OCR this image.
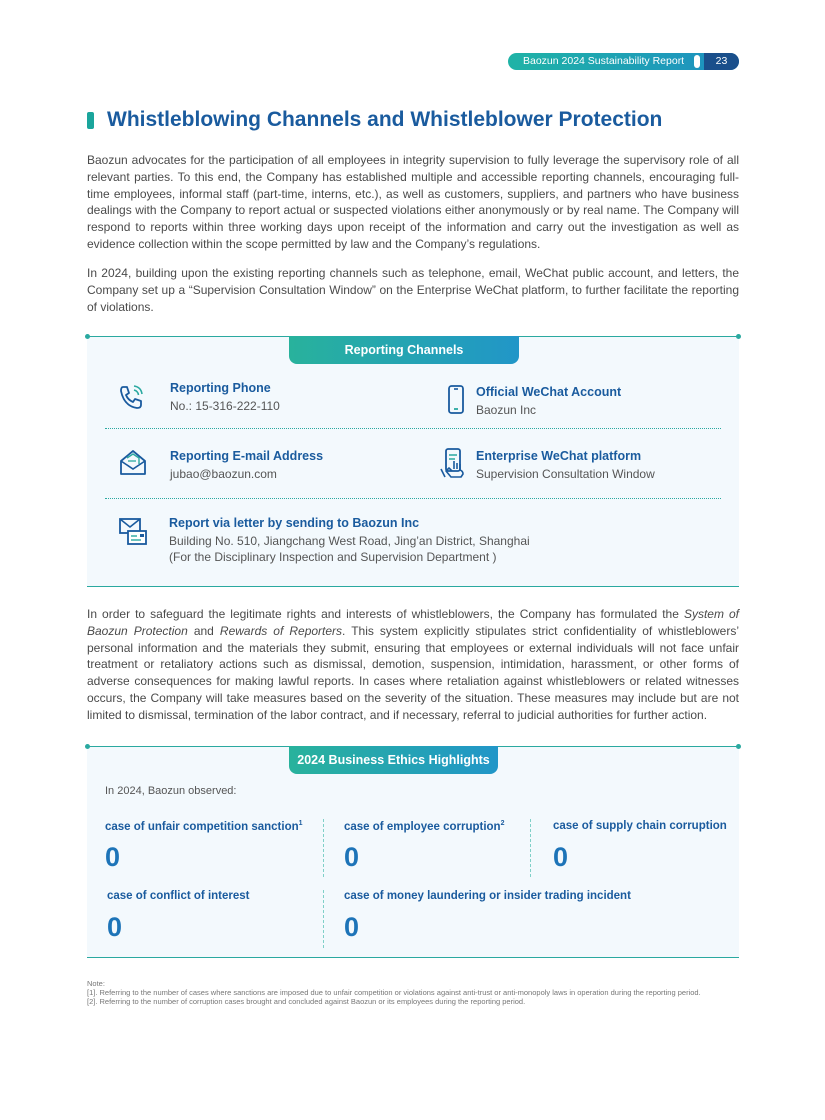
Baozun 2024 Sustainability Report	23
Whistleblowing Channels and Whistleblower Protection

Baozun advocates for the participation of all employees in integrity supervision to fully leverage the supervisory role of all relevant parties. To this end, the Company has established multiple and accessible reporting channels, encouraging full-time employees, informal staff (part-time, interns, etc.), as well as customers, suppliers, and partners who have business dealings with the Company to report actual or suspected violations either anonymously or by real name. The Company will respond to reports within three working days upon receipt of the information and carry out the investigation as well as evidence collection within the scope permitted by law and the Company’s regulations.

In 2024, building upon the existing reporting channels such as telephone, email, WeChat public account, and letters, the Company set up a “Supervision Consultation Window” on the Enterprise WeChat platform, to further facilitate the reporting of violations.

Reporting Channels
Reporting Phone
No.: 15-316-222-110
Official WeChat Account
Baozun Inc
Reporting E-mail Address
jubao@baozun.com
Enterprise WeChat platform
Supervision Consultation Window
Report via letter by sending to Baozun Inc
Building No. 510, Jiangchang West Road, Jing’an District, Shanghai
(For the Disciplinary Inspection and Supervision Department )

In order to safeguard the legitimate rights and interests of whistleblowers, the Company has formulated the System of Baozun Protection and Rewards of Reporters. This system explicitly stipulates strict confidentiality of whistleblowers’ personal information and the materials they submit, ensuring that employees or external individuals will not face unfair treatment or retaliatory actions such as dismissal, demotion, suspension, intimidation, harassment, or other forms of adverse consequences for making lawful reports. In cases where retaliation against whistleblowers or related witnesses occurs, the Company will take measures based on the severity of the situation. These measures may include but are not limited to dismissal, termination of the labor contract, and if necessary, referral to judicial authorities for further action.

2024 Business Ethics Highlights
In 2024, Baozun observed:
case of unfair competition sanction$^1$
0
case of employee corruption$^2$
0
case of supply chain corruption
0
case of conflict of interest
0
case of money laundering or insider trading incident
0
Note:
[1]. Referring to the number of cases where sanctions are imposed due to unfair competition or violations against anti-trust or anti-monopoly laws in operation during the reporting period.
[2]. Referring to the number of corruption cases brought and concluded against Baozun or its employees during the reporting period.
